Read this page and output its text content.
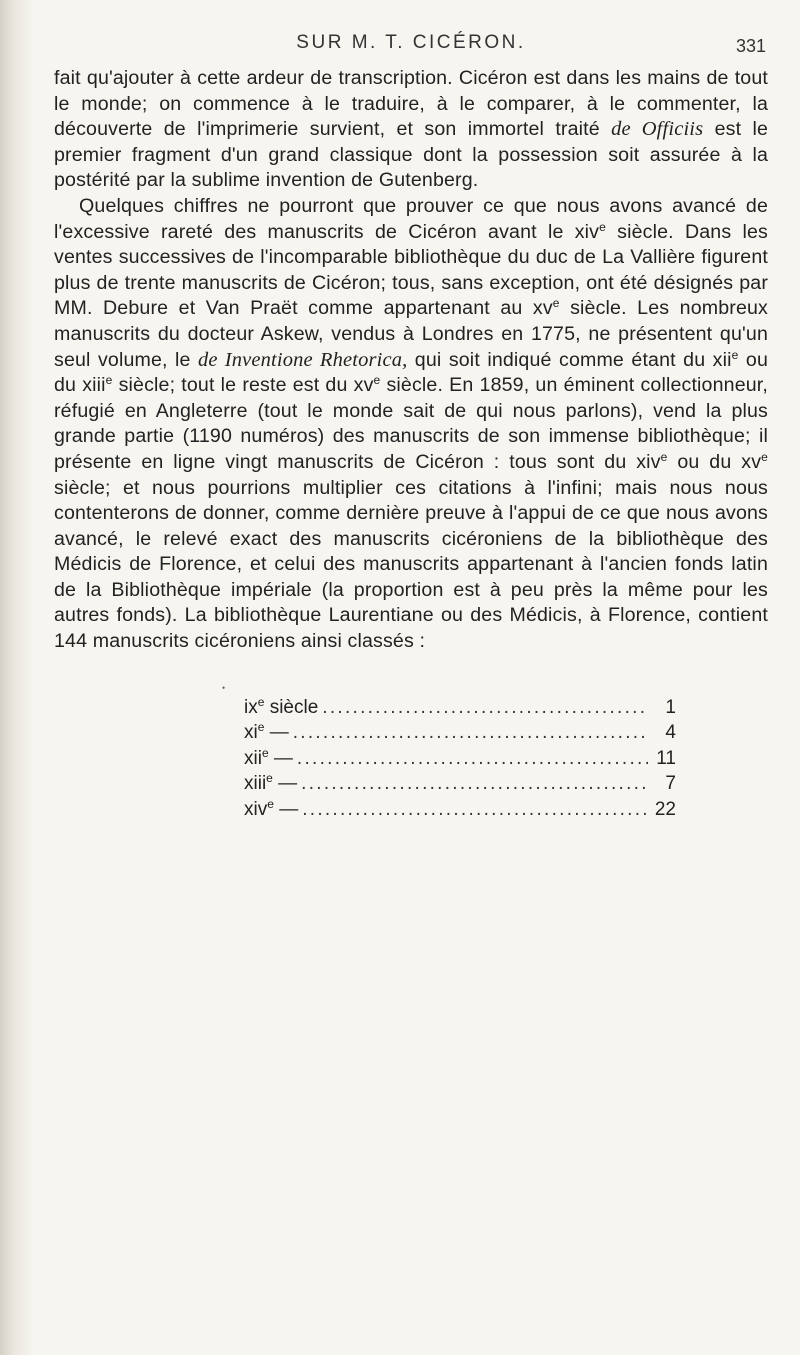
SUR M. T. CICÉRON.	331

fait qu'ajouter à cette ardeur de transcription. Cicéron est dans les mains de tout le monde; on commence à le traduire, à le comparer, à le commenter, la découverte de l'imprimerie survient, et son immortel traité de Officiis est le premier fragment d'un grand classique dont la possession soit assurée à la postérité par la sublime invention de Gutenberg.

Quelques chiffres ne pourront que prouver ce que nous avons avancé de l'excessive rareté des manuscrits de Cicéron avant le xiv$^e$ siècle. Dans les ventes successives de l'incomparable bibliothèque du duc de La Vallière figurent plus de trente manuscrits de Cicéron; tous, sans exception, ont été désignés par MM. Debure et Van Praët comme appartenant au $xv^e$ siècle. Les nombreux manuscrits du docteur Askew, vendus à Londres en 1775, ne présentent qu'un seul volume, le de Inventione Rhetorica, qui soit indiqué comme étant du xii$^e$ ou du xiii$^e$ siècle; tout le reste est du $xv^e$ siècle. En 1859, un éminent collectionneur, réfugié en Angleterre (tout le monde sait de qui nous parlons), vend la plus grande partie (1190 numéros) des manuscrits de son immense bibliothèque; il présente en ligne vingt manuscrits de Cicéron : tous sont du xiv$^e$ ou du $xv^e$ siècle; et nous pourrions multiplier ces citations à l'infini; mais nous nous contenterons de donner, comme dernière preuve à l'appui de ce que nous avons avancé, le relevé exact des manuscrits cicéroniens de la bibliothèque des Médicis de Florence, et celui des manuscrits appartenant à l'ancien fonds latin de la Bibliothèque impériale (la proportion est à peu près la même pour les autres fonds). La bibliothèque Laurentiane ou des Médicis, à Florence, contient 144 manuscrits cicéroniens ainsi classés :

•
$ix^e$ siècle . . .	1
$xi^e$ — . . .	4
xii$^e$ — . . .	11
xiii$^e$ — . . .	7
xiv$^e$ — . . .	22
